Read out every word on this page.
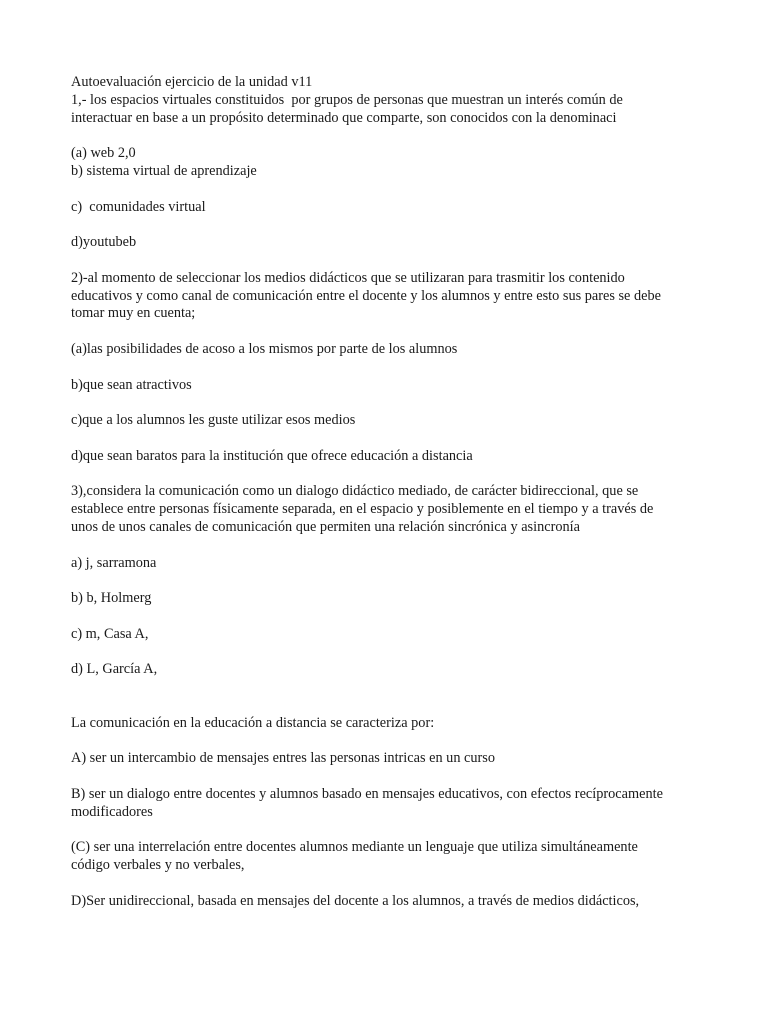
Autoevaluación ejercicio de la unidad v11
1,- los espacios virtuales constituidos  por grupos de personas que muestran un interés común de
interactuar en base a un propósito determinado que comparte, son conocidos con la denominaci
(a) web 2,0
b) sistema virtual de aprendizaje
c)  comunidades virtual
d)youtubeb
2)-al momento de seleccionar los medios didácticos que se utilizaran para trasmitir los contenido
educativos y como canal de comunicación entre el docente y los alumnos y entre esto sus pares se debe
tomar muy en cuenta;
(a)las posibilidades de acoso a los mismos por parte de los alumnos
b)que sean atractivos
c)que a los alumnos les guste utilizar esos medios
d)que sean baratos para la institución que ofrece educación a distancia
3),considera la comunicación como un dialogo didáctico mediado, de carácter bidireccional, que se
establece entre personas físicamente separada, en el espacio y posiblemente en el tiempo y a través de
unos de unos canales de comunicación que permiten una relación sincrónica y asincronía
a) j, sarramona
b) b, Holmerg
c) m, Casa A,
d) L, García A,
La comunicación en la educación a distancia se caracteriza por:
A) ser un intercambio de mensajes entres las personas intricas en un curso
B) ser un dialogo entre docentes y alumnos basado en mensajes educativos, con efectos recíprocamente
modificadores
(C) ser una interrelación entre docentes alumnos mediante un lenguaje que utiliza simultáneamente
código verbales y no verbales,
D)Ser unidireccional, basada en mensajes del docente a los alumnos, a través de medios didácticos,
